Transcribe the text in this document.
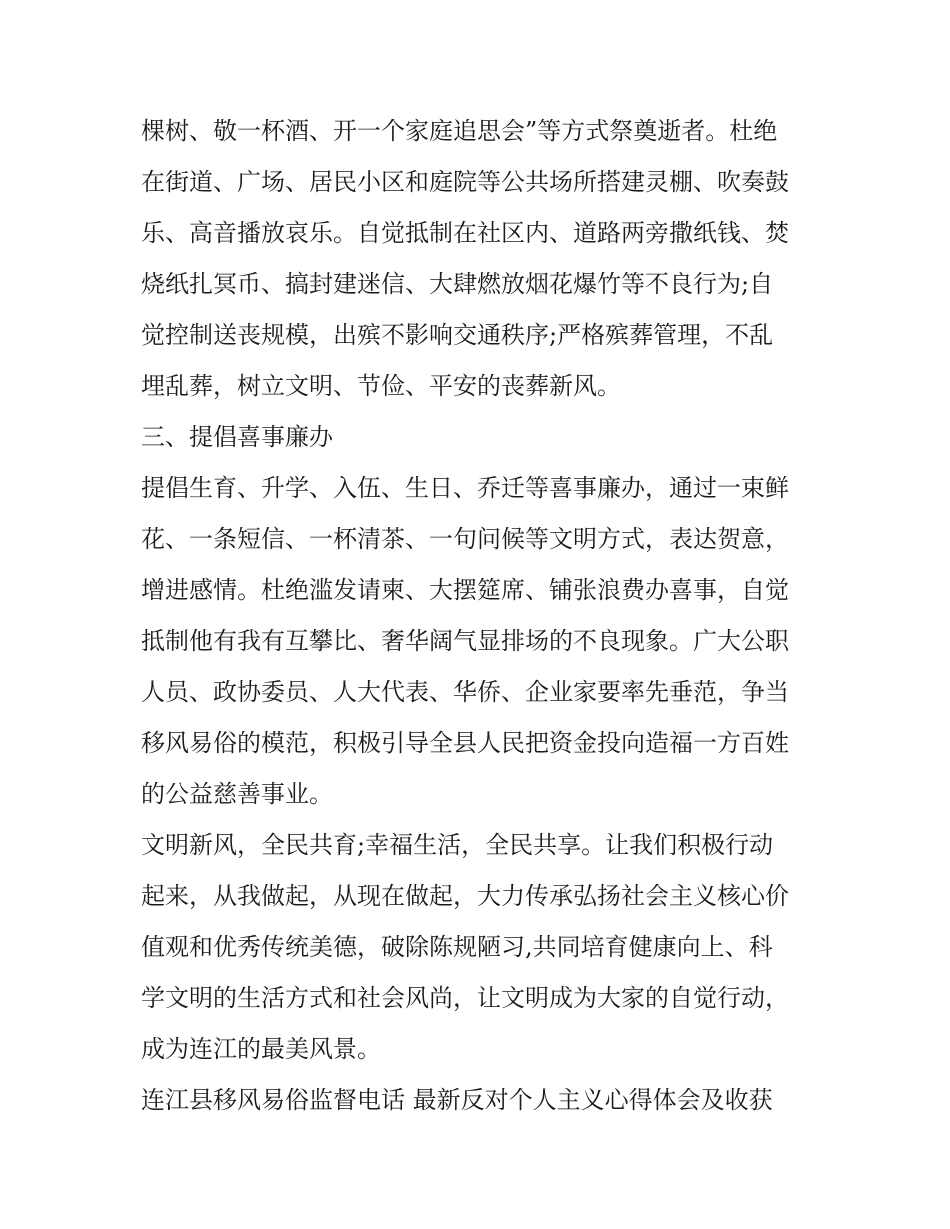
棵树、敬一杯酒、开一个家庭追思会”等方式祭奠逝者。杜绝
在街道、广场、居民小区和庭院等公共场所搭建灵棚、吹奏鼓
乐、高音播放哀乐。自觉抵制在社区内、道路两旁撒纸钱、焚
烧纸扎冥币、搞封建迷信、大肆燃放烟花爆竹等不良行为;自
觉控制送丧规模，出殡不影响交通秩序;严格殡葬管理，不乱
埋乱葬，树立文明、节俭、平安的丧葬新风。
三、提倡喜事廉办
提倡生育、升学、入伍、生日、乔迁等喜事廉办，通过一束鲜
花、一条短信、一杯清茶、一句问候等文明方式，表达贺意，
增进感情。杜绝滥发请柬、大摆筵席、铺张浪费办喜事，自觉
抵制他有我有互攀比、奢华阔气显排场的不良现象。广大公职
人员、政协委员、人大代表、华侨、企业家要率先垂范，争当
移风易俗的模范，积极引导全县人民把资金投向造福一方百姓
的公益慈善事业。
文明新风，全民共育;幸福生活，全民共享。让我们积极行动
起来，从我做起，从现在做起，大力传承弘扬社会主义核心价
值观和优秀传统美德，破除陈规陋习,共同培育健康向上、科
学文明的生活方式和社会风尚，让文明成为大家的自觉行动，
成为连江的最美风景。
连江县移风易俗监督电话 最新反对个人主义心得体会及收获
